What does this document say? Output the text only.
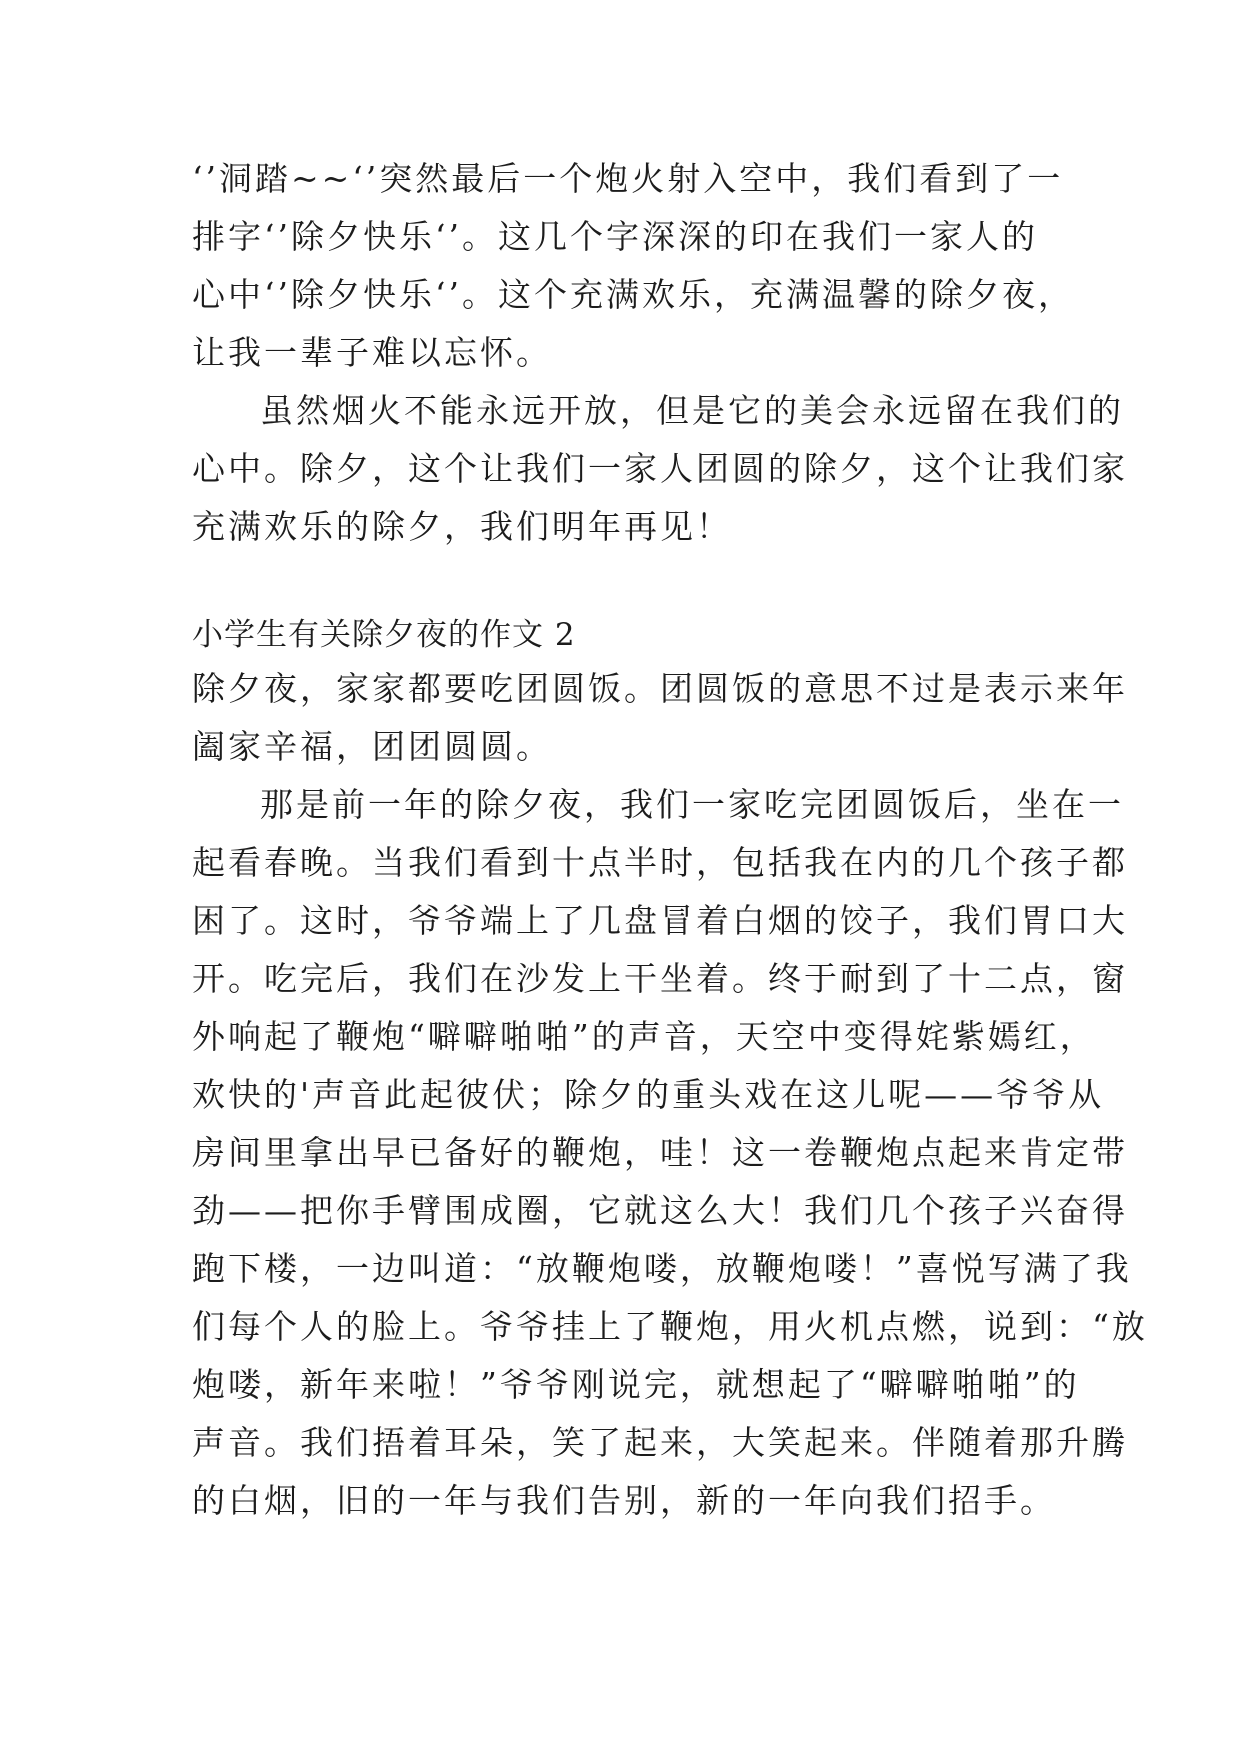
‘’洞踏~~‘’突然最后一个炮火射入空中，我们看到了一
排字‘’除夕快乐‘’。这几个字深深的印在我们一家人的
心中‘’除夕快乐‘’。这个充满欢乐，充满温馨的除夕夜，
让我一辈子难以忘怀。
虽然烟火不能永远开放，但是它的美会永远留在我们的
心中。除夕，这个让我们一家人团圆的除夕，这个让我们家
充满欢乐的除夕，我们明年再见！
小学生有关除夕夜的作文 2
除夕夜，家家都要吃团圆饭。团圆饭的意思不过是表示来年
阖家辛福，团团圆圆。
那是前一年的除夕夜，我们一家吃完团圆饭后，坐在一
起看春晚。当我们看到十点半时，包括我在内的几个孩子都
困了。这时，爷爷端上了几盘冒着白烟的饺子，我们胃口大
开。吃完后，我们在沙发上干坐着。终于耐到了十二点，窗
外响起了鞭炮“噼噼啪啪”的声音，天空中变得姹紫嫣红，
欢快的'声音此起彼伏；除夕的重头戏在这儿呢——爷爷从
房间里拿出早已备好的鞭炮，哇！这一卷鞭炮点起来肯定带
劲——把你手臂围成圈，它就这么大！我们几个孩子兴奋得
跑下楼，一边叫道：“放鞭炮喽，放鞭炮喽！”喜悦写满了我
们每个人的脸上。爷爷挂上了鞭炮，用火机点燃，说到：“放
炮喽，新年来啦！”爷爷刚说完，就想起了“噼噼啪啪”的
声音。我们捂着耳朵，笑了起来，大笑起来。伴随着那升腾
的白烟，旧的一年与我们告别，新的一年向我们招手。
